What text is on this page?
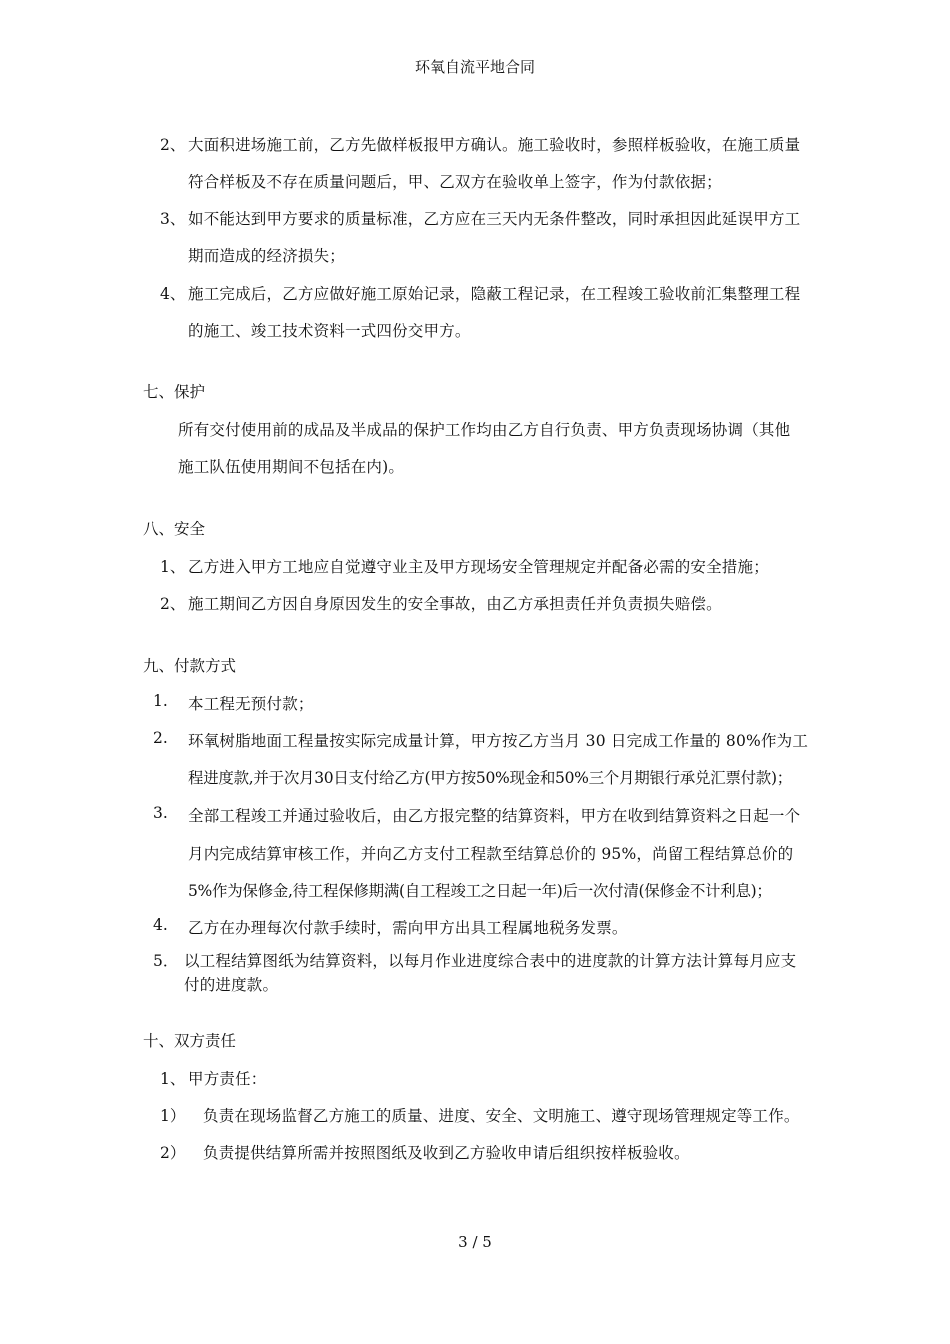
环氧自流平地合同
2、 大面积进场施工前，乙方先做样板报甲方确认。施工验收时，参照样板验收，在施工质量
符合样板及不存在质量问题后，甲、乙双方在验收单上签字，作为付款依据；
3、 如不能达到甲方要求的质量标准，乙方应在三天内无条件整改，同时承担因此延误甲方工
期而造成的经济损失；
4、 施工完成后，乙方应做好施工原始记录，隐蔽工程记录，在工程竣工验收前汇集整理工程
的施工、竣工技术资料一式四份交甲方。
七、保护
所有交付使用前的成品及半成品的保护工作均由乙方自行负责、甲方负责现场协调（其他
施工队伍使用期间不包括在内)。
八、安全
1、 乙方进入甲方工地应自觉遵守业主及甲方现场安全管理规定并配备必需的安全措施；
2、 施工期间乙方因自身原因发生的安全事故，由乙方承担责任并负责损失赔偿。
九、付款方式
1. 本工程无预付款；
2. 环氧树脂地面工程量按实际完成量计算，甲方按乙方当月 30 日完成工作量的 80%作为工
程进度款,并于次月30日支付给乙方(甲方按50%现金和50%三个月期银行承兑汇票付款)；
3. 全部工程竣工并通过验收后，由乙方报完整的结算资料，甲方在收到结算资料之日起一个
月内完成结算审核工作，并向乙方支付工程款至结算总价的 95%，尚留工程结算总价的
5%作为保修金,待工程保修期满(自工程竣工之日起一年)后一次付清(保修金不计利息)；
4. 乙方在办理每次付款手续时，需向甲方出具工程属地税务发票。
5． 以工程结算图纸为结算资料，以每月作业进度综合表中的进度款的计算方法计算每月应支
付的进度款。
十、双方责任
1、 甲方责任：
1） 负责在现场监督乙方施工的质量、进度、安全、文明施工、遵守现场管理规定等工作。
2） 负责提供结算所需并按照图纸及收到乙方验收申请后组织按样板验收。
3 / 5
